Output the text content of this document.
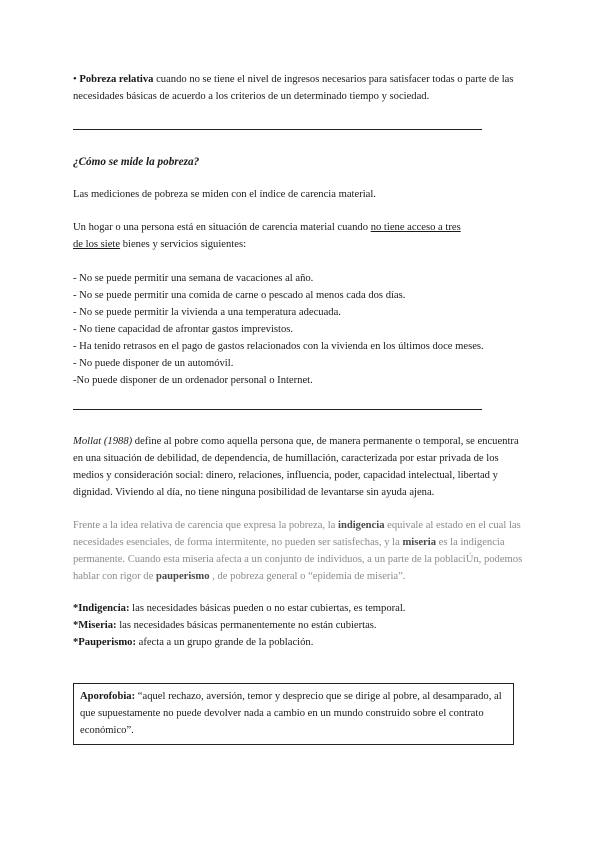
• Pobreza relativa cuando no se tiene el nivel de ingresos necesarios para satisfacer todas o parte de las necesidades básicas de acuerdo a los criterios de un determinado tiempo y sociedad.
¿Cómo se mide la pobreza?
Las mediciones de pobreza se miden con el índice de carencia material.
Un hogar o una persona está en situación de carencia material cuando no tiene acceso a tres de los siete bienes y servicios siguientes:
- No se puede permitir una semana de vacaciones al año.
- No se puede permitir una comida de carne o pescado al menos cada dos días.
- No se puede permitir la vivienda a una temperatura adecuada.
- No tiene capacidad de afrontar gastos imprevistos.
- Ha tenido retrasos en el pago de gastos relacionados con la vivienda en los últimos doce meses.
- No puede disponer de un automóvil.
-No puede disponer de un ordenador personal o Internet.
Mollat (1988) define al pobre como aquella persona que, de manera permanente o temporal, se encuentra en una situación de debilidad, de dependencia, de humillación, caracterizada por estar privada de los medios y consideración social: dinero, relaciones, influencia, poder, capacidad intelectual, libertad y dignidad. Viviendo al día, no tiene ninguna posibilidad de levantarse sin ayuda ajena.
Frente a la idea relativa de carencia que expresa la pobreza, la indigencia equivale al estado en el cual las necesidades esenciales, de forma intermitente, no pueden ser satisfechas, y la miseria es la indigencia permanente. Cuando esta miseria afecta a un conjunto de individuos, a un parte de la poblaciÚn, podemos hablar con rigor de pauperismo , de pobreza general o “epidemia de miseria”.
*Indigencia: las necesidades básicas pueden o no estar cubiertas, es temporal.
*Miseria: las necesidades básicas permanentemente no están cubiertas.
*Pauperismo: afecta a un grupo grande de la población.
Aporofobia: “aquel rechazo, aversión, temor y desprecio que se dirige al pobre, al desamparado, al que supuestamente no puede devolver nada a cambio en un mundo construido sobre el contrato económico”.
